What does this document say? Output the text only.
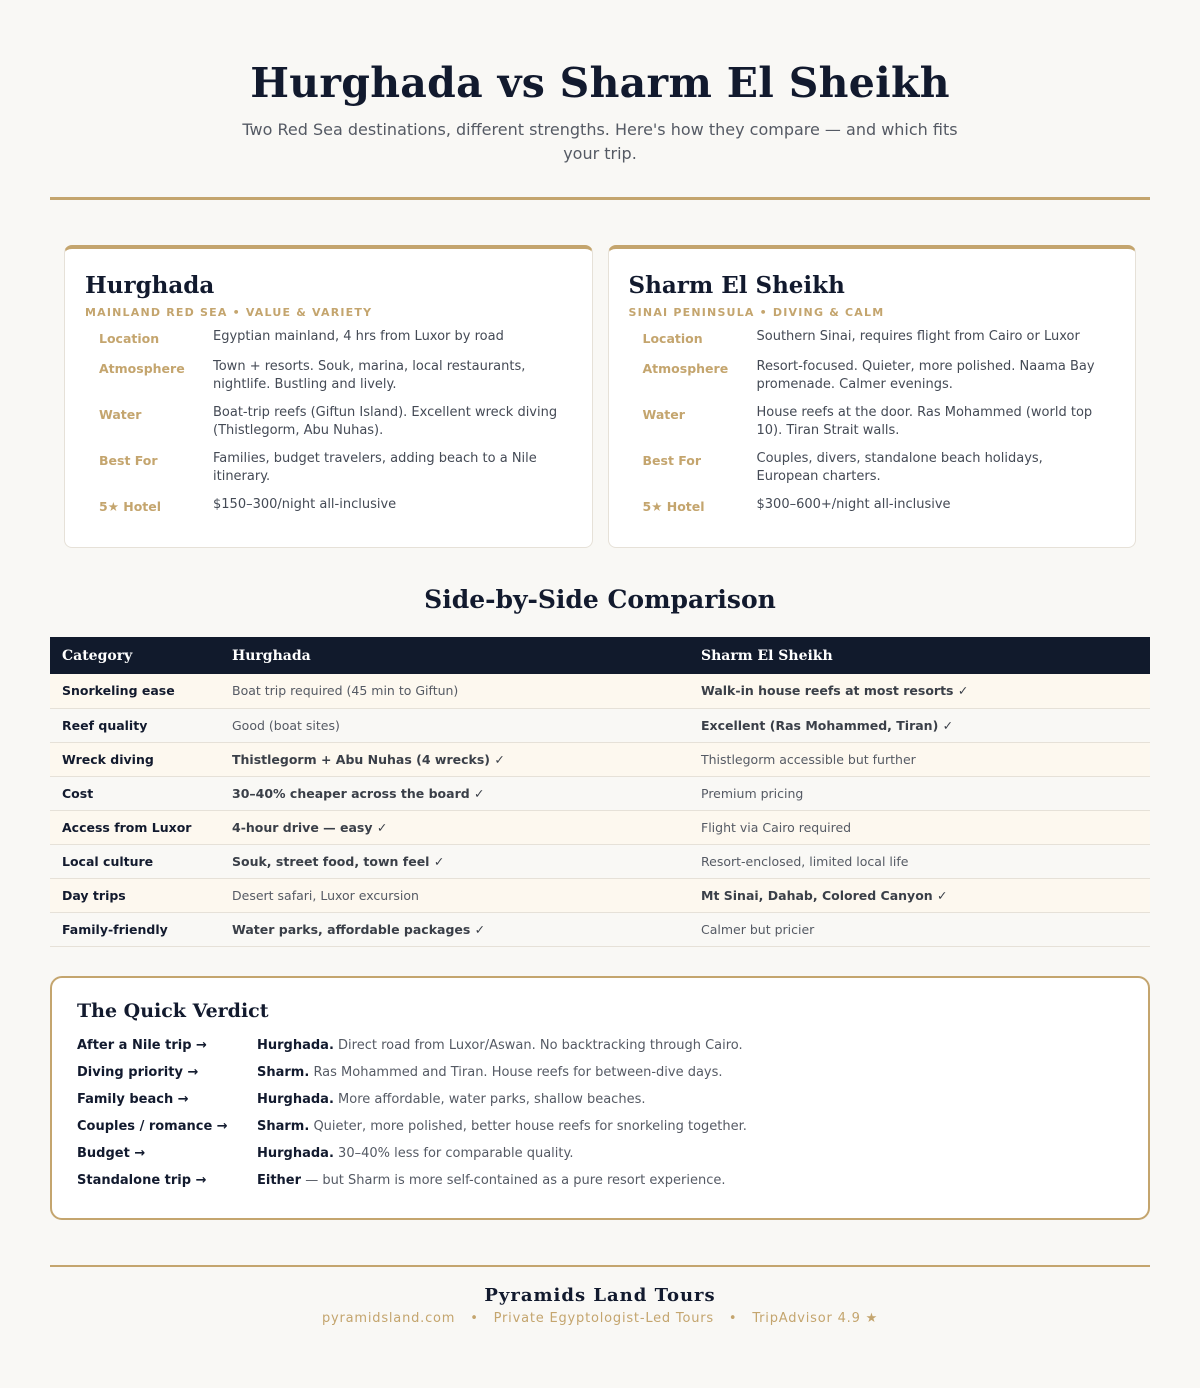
Hurghada vs Sharm El Sheikh

Two Red Sea destinations, different strengths. Here's how they compare — and which fits your trip.

Hurghada
MAINLAND RED SEA • VALUE & VARIETY
Location	Egyptian mainland, 4 hrs from Luxor by road
Atmosphere	Town + resorts. Souk, marina, local restaurants, nightlife. Bustling and lively.
Water	Boat-trip reefs (Giftun Island). Excellent wreck diving (Thistlegorm, Abu Nuhas).
Best For	Families, budget travelers, adding beach to a Nile itinerary.
5★ Hotel	$150–300/night all-inclusive
Sharm El Sheikh
SINAI PENINSULA • DIVING & CALM
Location	Southern Sinai, requires flight from Cairo or Luxor
Atmosphere	Resort-focused. Quieter, more polished. Naama Bay promenade. Calmer evenings.
Water	House reefs at the door. Ras Mohammed (world top 10). Tiran Strait walls.
Best For	Couples, divers, standalone beach holidays, European charters.
5★ Hotel	$300–600+/night all-inclusive
Side-by-Side Comparison
Category	Hurghada	Sharm El Sheikh
Snorkeling ease	Boat trip required (45 min to Giftun)	Walk-in house reefs at most resorts ✓
Reef quality	Good (boat sites)	Excellent (Ras Mohammed, Tiran) ✓
Wreck diving	Thistlegorm + Abu Nuhas (4 wrecks) ✓	Thistlegorm accessible but further
Cost	30–40% cheaper across the board ✓	Premium pricing
Access from Luxor	4-hour drive — easy ✓	Flight via Cairo required
Local culture	Souk, street food, town feel ✓	Resort-enclosed, limited local life
Day trips	Desert safari, Luxor excursion	Mt Sinai, Dahab, Colored Canyon ✓
Family-friendly	Water parks, affordable packages ✓	Calmer but pricier
The Quick Verdict
After a Nile trip →	Hurghada. Direct road from Luxor/Aswan. No backtracking through Cairo.
Diving priority →	Sharm. Ras Mohammed and Tiran. House reefs for between-dive days.
Family beach →	Hurghada. More affordable, water parks, shallow beaches.
Couples / romance →	Sharm. Quieter, more polished, better house reefs for snorkeling together.
Budget →	Hurghada. 30–40% less for comparable quality.
Standalone trip →	Either — but Sharm is more self-contained as a pure resort experience.
Pyramids Land Tours
pyramidsland.com • Private Egyptologist-Led Tours • TripAdvisor 4.9 ★
